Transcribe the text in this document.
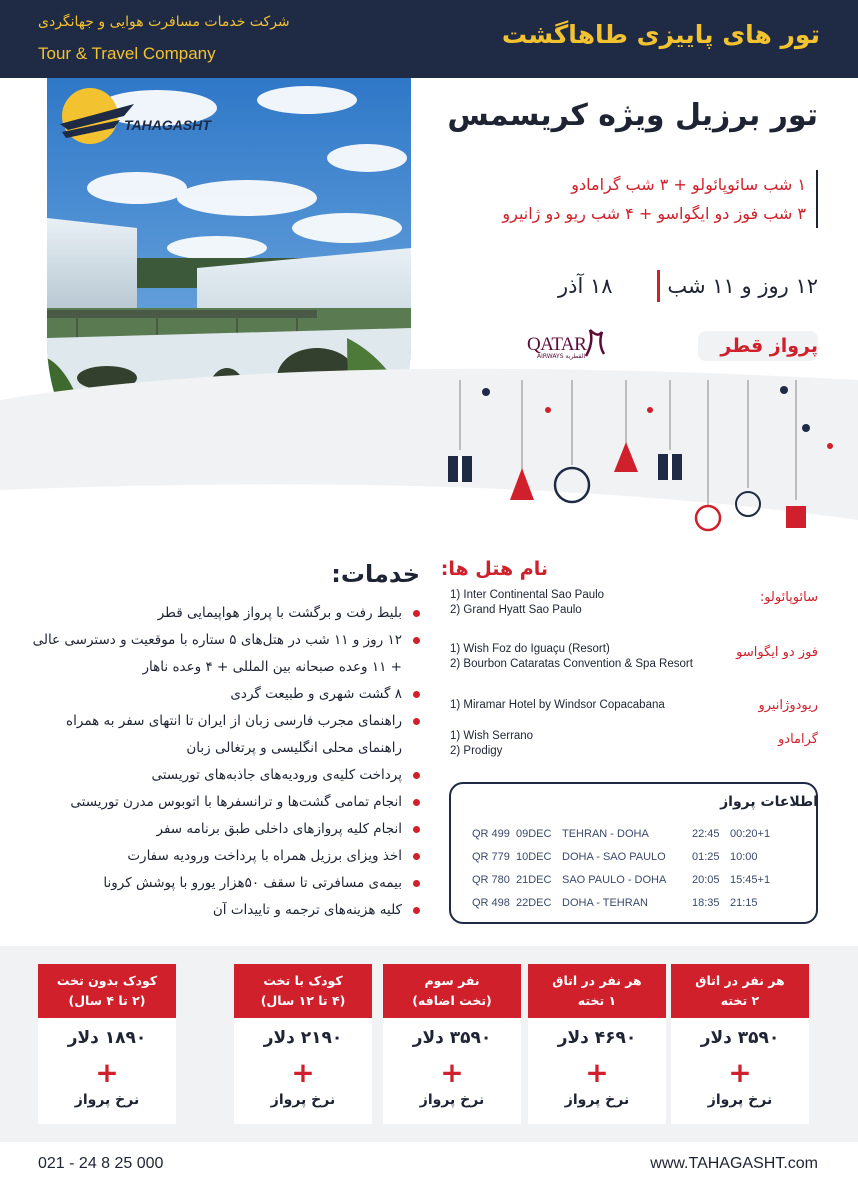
شرکت خدمات مسافرت هوایی و جهانگردی
Tour & Travel Company
تور های پاییزی طاهاگشت
TAHAGASHT	تور برزیل ویژه کریسمس
۱ شب سائوپائولو + ۳ شب گرامادو
۳ شب فوز دو ایگواسو + ۴ شب ریو دو ژانیرو
۱۲ روز و ۱۱ شب
۱۸ آذر
QATAR
AIRWAYS القطرية	پرواز قطر
خدمات:
بلیط رفت و برگشت با پرواز هواپیمایی قطر
۱۲ روز و ۱۱ شب در هتل‌های ۵ ستاره با موقعیت و دسترسی عالی
+ ۱۱ وعده صبحانه بین المللی + ۴ وعده ناهار
۸ گشت شهری و طبیعت گردی
راهنمای مجرب فارسی زبان از ایران تا انتهای سفر به همراه
راهنمای محلی انگلیسی و پرتغالی زبان
پرداخت کلیه‌ی ورودیه‌های جاذبه‌های توریستی
انجام تمامی گشت‌ها و ترانسفرها با اتوبوس مدرن توریستی
انجام کلیه پروازهای داخلی طبق برنامه سفر
اخذ ویزای برزیل همراه با پرداخت ورودیه سفارت
بیمه‌ی مسافرتی تا سقف ۵۰هزار یورو با پوشش کرونا
کلیه هزینه‌های ترجمه و تاییدات آن
نام هتل ها:
سائوپائولو:
1) Inter Continental Sao Paulo
2) Grand Hyatt Sao Paulo
فوز دو ایگواسو
1) Wish Foz do Iguaçu (Resort)
2) Bourbon Cataratas Convention & Spa Resort
ریودوژانیرو
1) Miramar Hotel by Windsor Copacabana
گرامادو
1) Wish Serrano
2) Prodigy
اطلاعات پرواز
QR 499 09DEC TEHRAN - DOHA	22:45 00:20+1
QR 779 10DEC DOHA - SAO PAULO 01:25 10:00
QR 780 21DEC SAO PAULO - DOHA 20:05 15:45+1
QR 498 22DEC DOHA - TEHRAN	18:35 21:15
کودک بدون تخت
(۲ تا ۴ سال)
۱۸۹۰ دلار
+
نرخ پرواز
کودک با تخت
(۴ تا ۱۲ سال)
۲۱۹۰ دلار
+
نرخ پرواز
نفر سوم
(تخت اضافه)
۳۵۹۰ دلار
+
نرخ پرواز
هر نفر در اتاق
۱ تخته
۴۶۹۰ دلار
+
نرخ پرواز
هر نفر در اتاق
۲ تخته
۳۵۹۰ دلار
+
نرخ پرواز
021 - 24 8 25 000	www.TAHAGASHT.com
